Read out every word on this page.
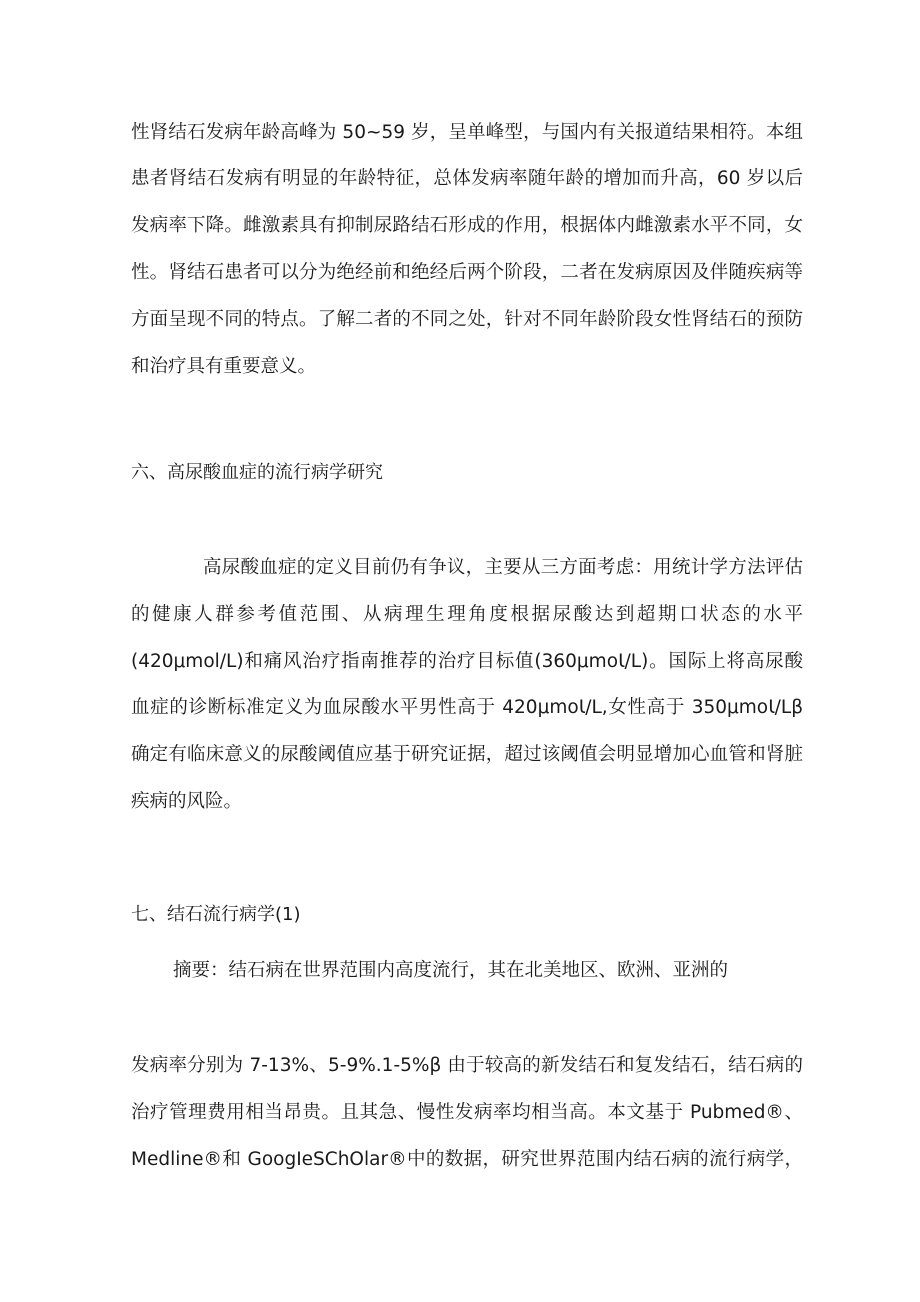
性肾结石发病年龄高峰为 50~59 岁，呈单峰型，与国内有关报道结果相符。本组
患者肾结石发病有明显的年龄特征，总体发病率随年龄的增加而升高，60 岁以后
发病率下降。雌激素具有抑制尿路结石形成的作用，根据体内雌激素水平不同，女
性。肾结石患者可以分为绝经前和绝经后两个阶段，二者在发病原因及伴随疾病等
方面呈现不同的特点。了解二者的不同之处，针对不同年龄阶段女性肾结石的预防
和治疗具有重要意义。
六、高尿酸血症的流行病学研究
高尿酸血症的定义目前仍有争议，主要从三方面考虑：用统计学方法评估
的健康人群参考值范围、从病理生理角度根据尿酸达到超期口状态的水平
(420μmol/L)和痛风治疗指南推荐的治疗目标值(360μmoƖ/L)。国际上将高尿酸
血症的诊断标准定义为血尿酸水平男性高于 420μmoƖ/L,女性高于 350μmoƖ/Lβ
确定有临床意义的尿酸阈值应基于研究证据，超过该阈值会明显增加心血管和肾脏
疾病的风险。
七、结石流行病学(1)
摘要：结石病在世界范围内高度流行，其在北美地区、欧洲、亚洲的
发病率分别为 7-13%、5-9%.1-5%β 由于较高的新发结石和复发结石，结石病的
治疗管理费用相当昂贵。且其急、慢性发病率均相当高。本文基于 Pubmed®、
Medline®和 GoogIeSChOlar®中的数据，研究世界范围内结石病的流行病学，
